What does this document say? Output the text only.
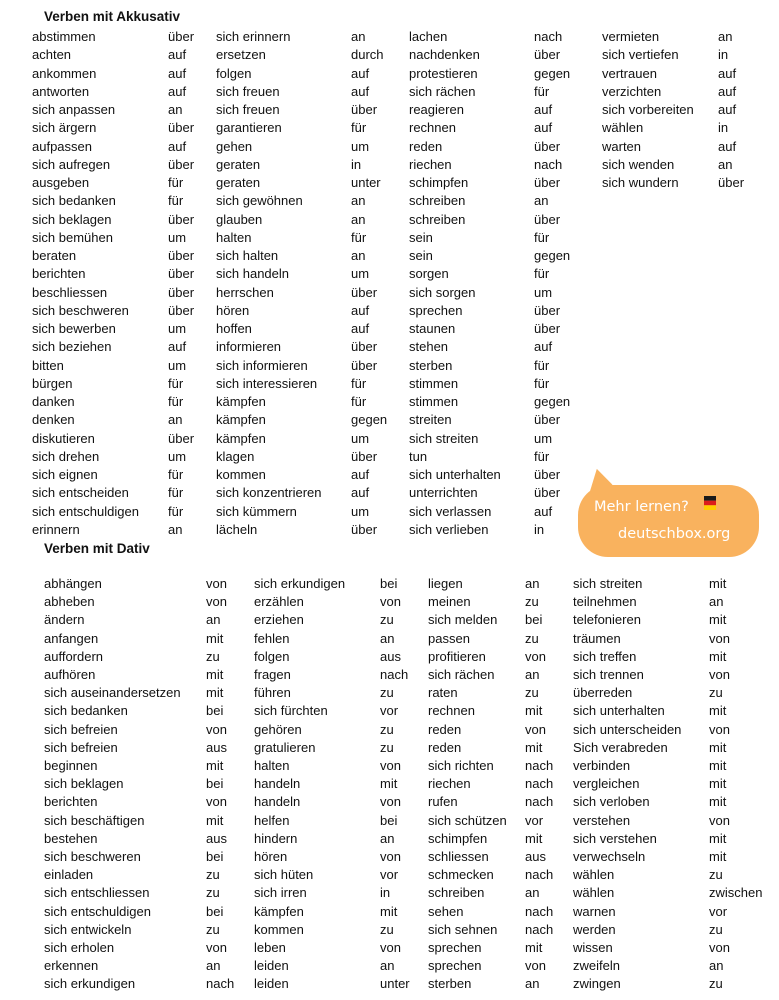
Verben mit Akkusativ
abstimmen	über sich erinnern	an	lachen	nach	vermieten	an
achten	auf ersetzen	durch nachdenken	über	sich vertiefen	in
ankommen	auf folgen	auf	protestieren	gegen vertrauen	auf
antworten	auf sich freuen	auf	sich rächen	für	verzichten	auf
sich anpassen	an	sich freuen	über reagieren	auf	sich vorbereiten auf
sich ärgern	über garantieren	für	rechnen	auf	wählen	in
aufpassen	auf gehen	um	reden	über	warten	auf
sich aufregen	über geraten	in	riechen	nach	sich wenden	an
ausgeben	für	geraten	unter schimpfen	über	sich wundern	über
sich bedanken	für	sich gewöhnen	an	schreiben	an
sich beklagen	über glauben	an	schreiben	über
sich bemühen	um halten	für	sein	für
beraten	über sich halten	an	sein	gegen
berichten	über sich handeln	um	sorgen	für
beschliessen	über herrschen	über sich sorgen	um
sich beschweren	über hören	auf	sprechen	über
sich bewerben	um hoffen	auf	staunen	über
sich beziehen	auf informieren	über stehen	auf
bitten	um sich informieren	über sterben	für
bürgen	für	sich interessieren	für	stimmen	für
danken	für	kämpfen	für	stimmen	gegen
denken	an	kämpfen	gegen streiten	über
diskutieren	über kämpfen	um	sich streiten	um
sich drehen	um klagen	über tun	für
sich eignen	für	kommen	auf	sich unterhalten	über
sich entscheiden	für	sich konzentrieren auf	unterrichten	über
sich entschuldigen für	sich kümmern	um	sich verlassen	auf
erinnern	an	lächeln	über sich verlieben	in
Verben mit Dativ
abhängen	von sich erkundigen	bei liegen	an	sich streiten	mit
abheben	von erzählen	von meinen	zu	teilnehmen	an
ändern	an	erziehen	zu	sich melden bei telefonieren	mit
anfangen	mit fehlen	an	passen	zu	träumen	von
auffordern	zu	folgen	aus profitieren	von sich treffen	mit
aufhören	mit fragen	nach sich rächen an	sich trennen	von
sich auseinandersetzen mit führen	zu	raten	zu	überreden	zu
sich bedanken	bei sich fürchten	vor rechnen	mit sich unterhalten	mit
sich befreien	von gehören	zu	reden	von sich unterscheiden von
sich befreien	aus gratulieren	zu	reden	mit Sich verabreden	mit
beginnen	mit halten	von sich richten nach verbinden	mit
sich beklagen	bei handeln	mit riechen	nach vergleichen	mit
berichten	von handeln	von rufen	nach sich verloben	mit
sich beschäftigen	mit helfen	bei sich schützen vor verstehen	von
bestehen	aus hindern	an	schimpfen	mit sich verstehen	mit
sich beschweren	bei hören	von schliessen	aus verwechseln	mit
einladen	zu	sich hüten	vor schmecken nach wählen	zu
sich entschliessen	zu	sich irren	in	schreiben	an	wählen	zwischen
sich entschuldigen	bei kämpfen	mit sehen	nach warnen	vor
sich entwickeln	zu	kommen	zu	sich sehnen nach werden	zu
sich erholen	von leben	von sprechen	mit wissen	von
erkennen	an	leiden	an	sprechen	von zweifeln	an
sich erkundigen	nach leiden	unter sterben	an	zwingen	zu
Mehr lernen?
deutschbox.org
